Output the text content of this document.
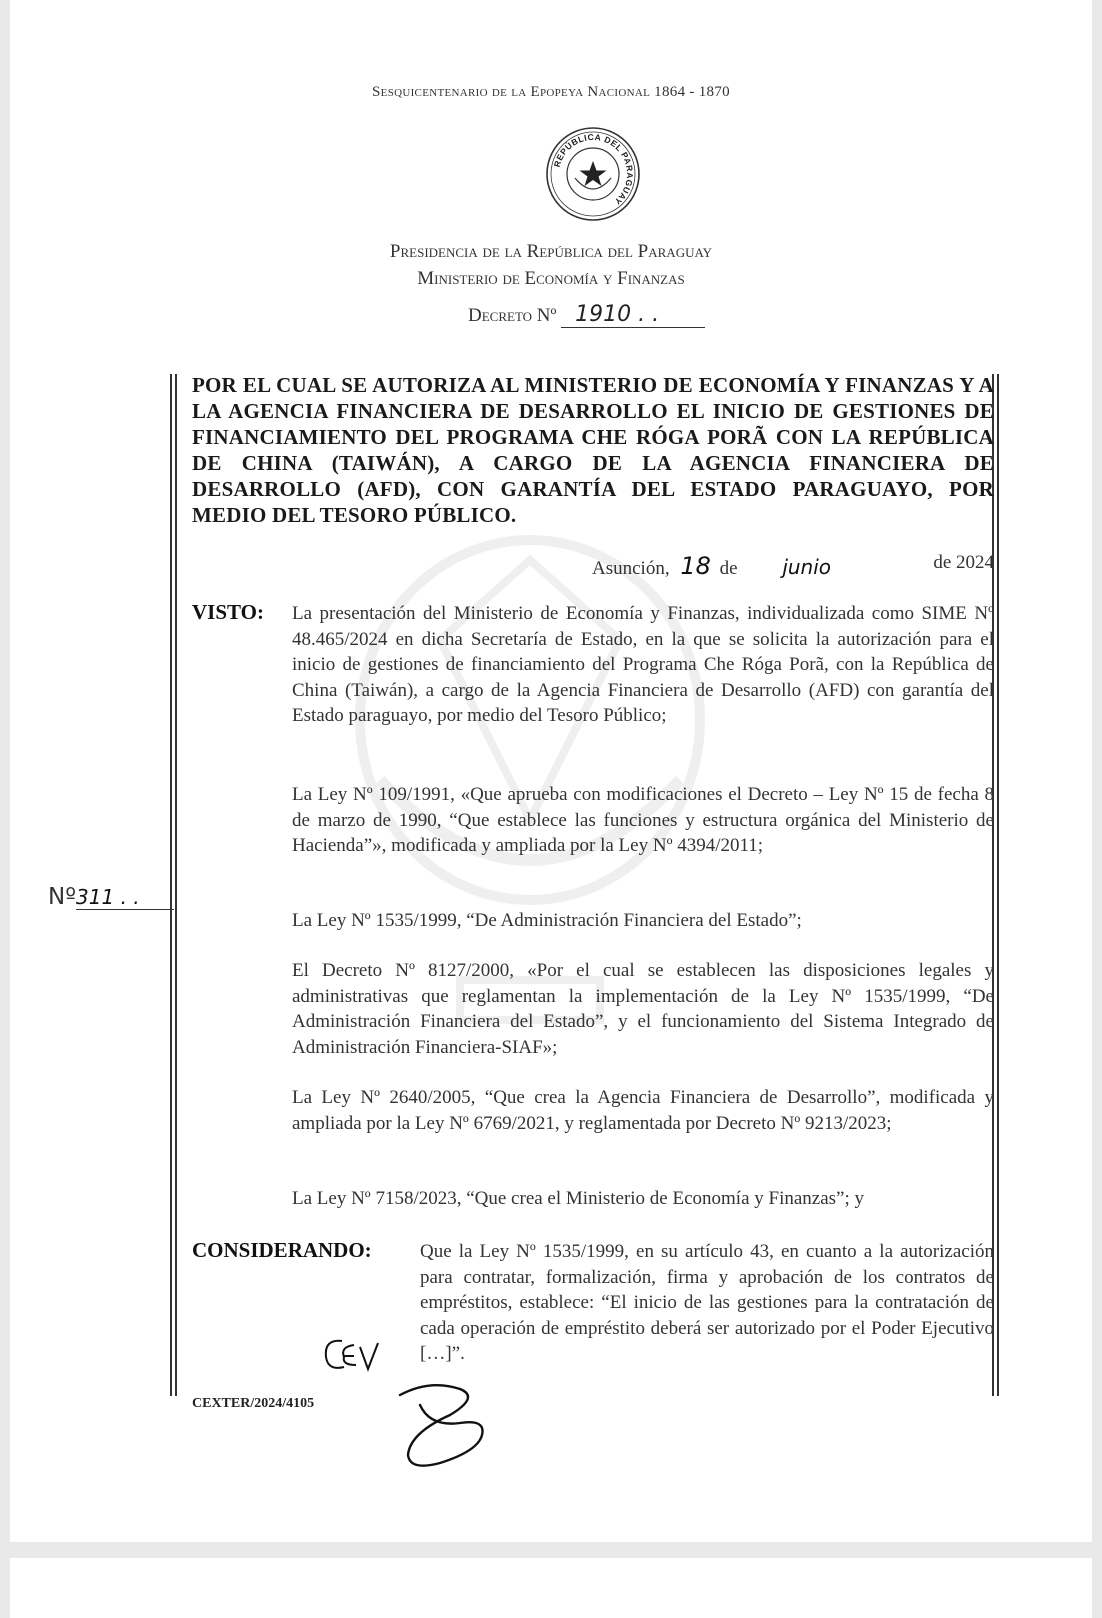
Sesquicentenario de la Epopeya Nacional 1864 - 1870
REPÚBLICA DEL PARAGUAY
Presidencia de la República del Paraguay
Ministerio de Economía y Finanzas
Decreto Nº 1910 . .
POR EL CUAL SE AUTORIZA AL MINISTERIO DE ECONOMÍA Y FINANZAS Y A LA AGENCIA FINANCIERA DE DESARROLLO EL INICIO DE GESTIONES DE FINANCIAMIENTO DEL PROGRAMA CHE RÓGA PORÃ CON LA REPÚBLICA DE CHINA (TAIWÁN), A CARGO DE LA AGENCIA FINANCIERA DE DESARROLLO (AFD), CON GARANTÍA DEL ESTADO PARAGUAYO, POR MEDIO DEL TESORO PÚBLICO.
Asunción, 18 de junio	de 2024
VISTO: La presentación del Ministerio de Economía y Finanzas, individualizada como SIME Nº 48.465/2024 en dicha Secretaría de Estado, en la que se solicita la autorización para el inicio de gestiones de financiamiento del Programa Che Róga Porã, con la República de China (Taiwán), a cargo de la Agencia Financiera de Desarrollo (AFD) con garantía del Estado paraguayo, por medio del Tesoro Público;
La Ley Nº 109/1991, «Que aprueba con modificaciones el Decreto – Ley Nº 15 de fecha 8 de marzo de 1990, “Que establece las funciones y estructura orgánica del Ministerio de Hacienda”», modificada y ampliada por la Ley Nº 4394/2011;
La Ley Nº 1535/1999, “De Administración Financiera del Estado”;
El Decreto Nº 8127/2000, «Por el cual se establecen las disposiciones legales y administrativas que reglamentan la implementación de la Ley Nº 1535/1999, “De Administración Financiera del Estado”, y el funcionamiento del Sistema Integrado de Administración Financiera-SIAF»;
La Ley Nº 2640/2005, “Que crea la Agencia Financiera de Desarrollo”, modificada y ampliada por la Ley Nº 6769/2021, y reglamentada por Decreto Nº 9213/2023;
La Ley Nº 7158/2023, “Que crea el Ministerio de Economía y Finanzas”; y
CONSIDERANDO:	Que la Ley Nº 1535/1999, en su artículo 43, en cuanto a la autorización para contratar, formalización, firma y aprobación de los contratos de empréstitos, establece: “El inicio de las gestiones para la contratación de cada operación de empréstito deberá ser autorizado por el Poder Ejecutivo […]”.
Nº311 . .
CEXTER/2024/4105
